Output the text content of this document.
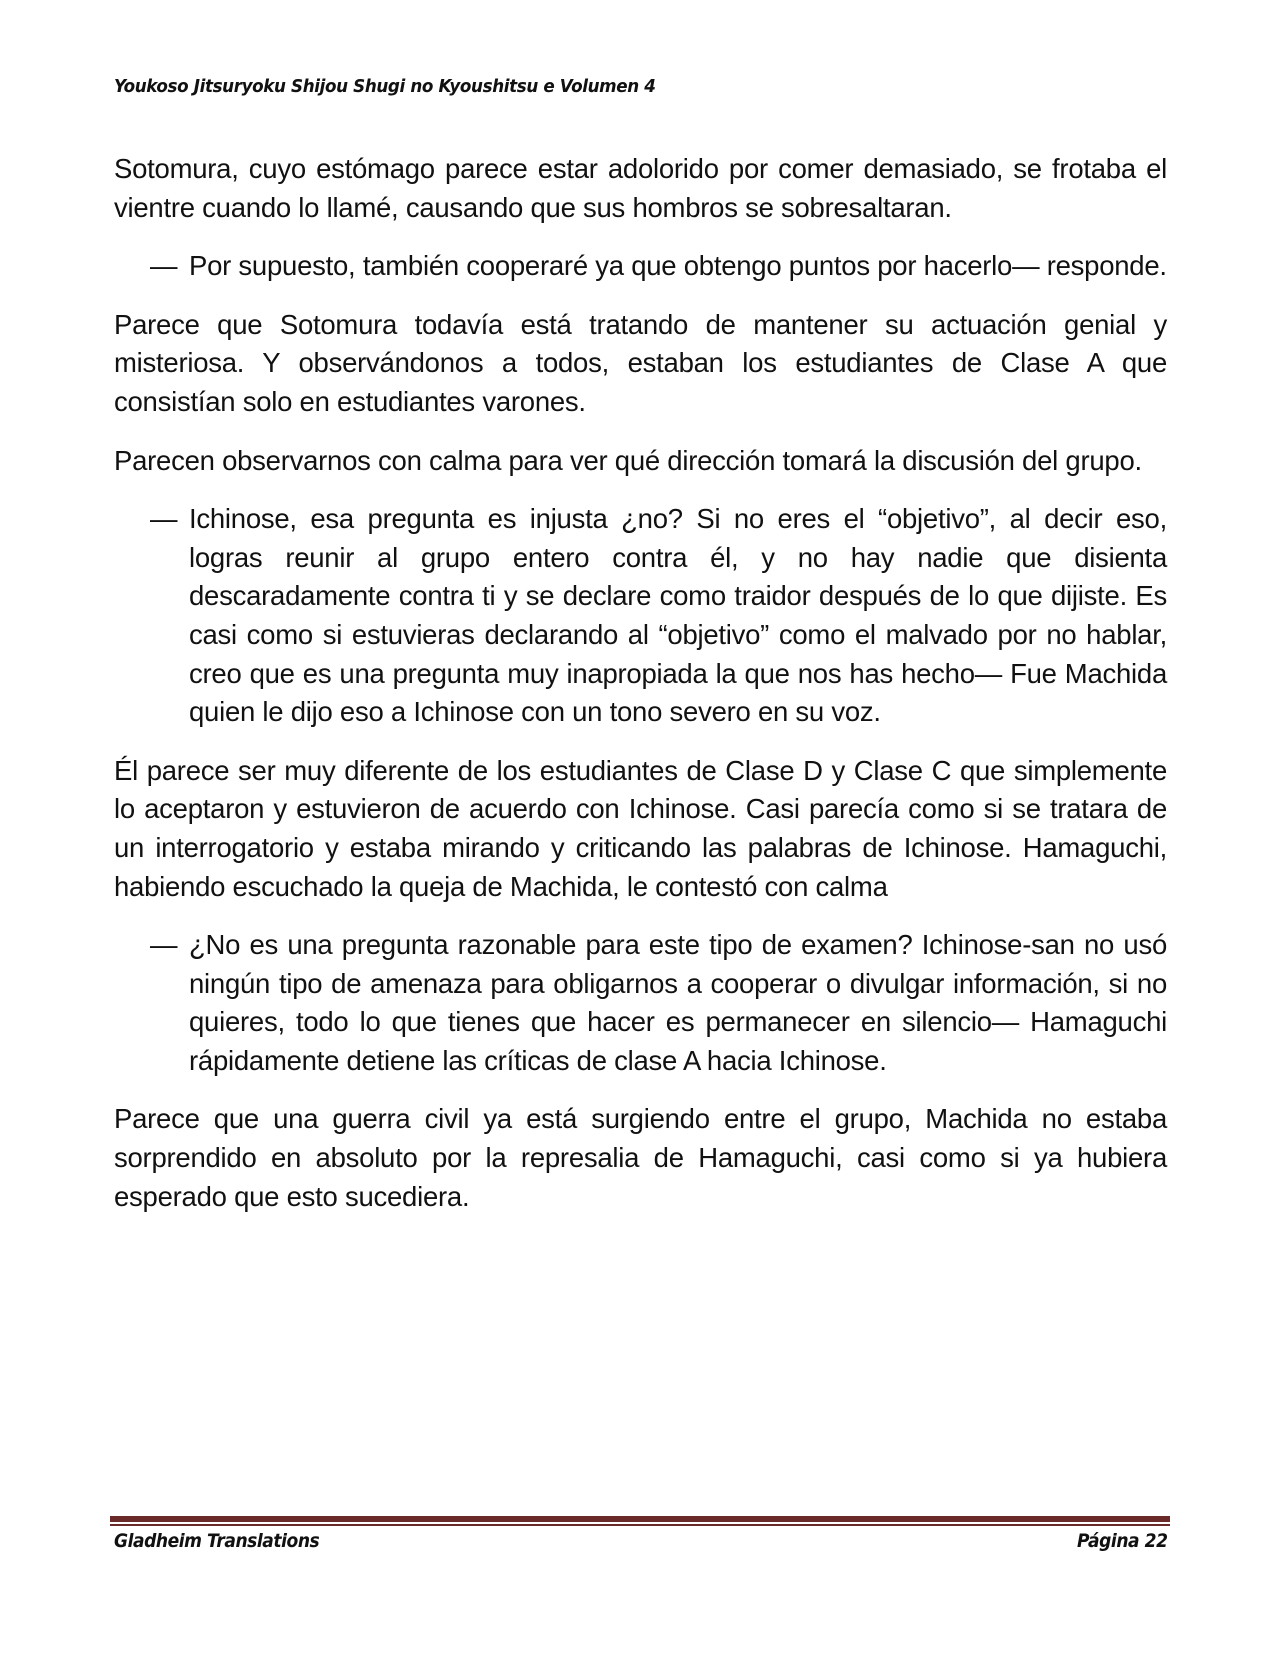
Youkoso Jitsuryoku Shijou Shugi no Kyoushitsu e Volumen 4

Sotomura, cuyo estómago parece estar adolorido por comer demasiado, se frotaba el vientre cuando lo llamé, causando que sus hombros se sobresaltaran.

— Por supuesto, también cooperaré ya que obtengo puntos por hacerlo— responde.

Parece que Sotomura todavía está tratando de mantener su actuación genial y misteriosa. Y observándonos a todos, estaban los estudiantes de Clase A que consistían solo en estudiantes varones.

Parecen observarnos con calma para ver qué dirección tomará la discusión del grupo.

— Ichinose, esa pregunta es injusta ¿no? Si no eres el “objetivo”, al decir eso, logras reunir al grupo entero contra él, y no hay nadie que disienta descaradamente contra ti y se declare como traidor después de lo que dijiste. Es casi como si estuvieras declarando al “objetivo” como el malvado por no hablar, creo que es una pregunta muy inapropiada la que nos has hecho— Fue Machida quien le dijo eso a Ichinose con un tono severo en su voz.

Él parece ser muy diferente de los estudiantes de Clase D y Clase C que simplemente lo aceptaron y estuvieron de acuerdo con Ichinose. Casi parecía como si se tratara de un interrogatorio y estaba mirando y criticando las palabras de Ichinose. Hamaguchi, habiendo escuchado la queja de Machida, le contestó con calma

— ¿No es una pregunta razonable para este tipo de examen? Ichinose-san no usó ningún tipo de amenaza para obligarnos a cooperar o divulgar información, si no quieres, todo lo que tienes que hacer es permanecer en silencio— Hamaguchi rápidamente detiene las críticas de clase A hacia Ichinose.

Parece que una guerra civil ya está surgiendo entre el grupo, Machida no estaba sorprendido en absoluto por la represalia de Hamaguchi, casi como si ya hubiera esperado que esto sucediera.

Gladheim Translations	Página 22
